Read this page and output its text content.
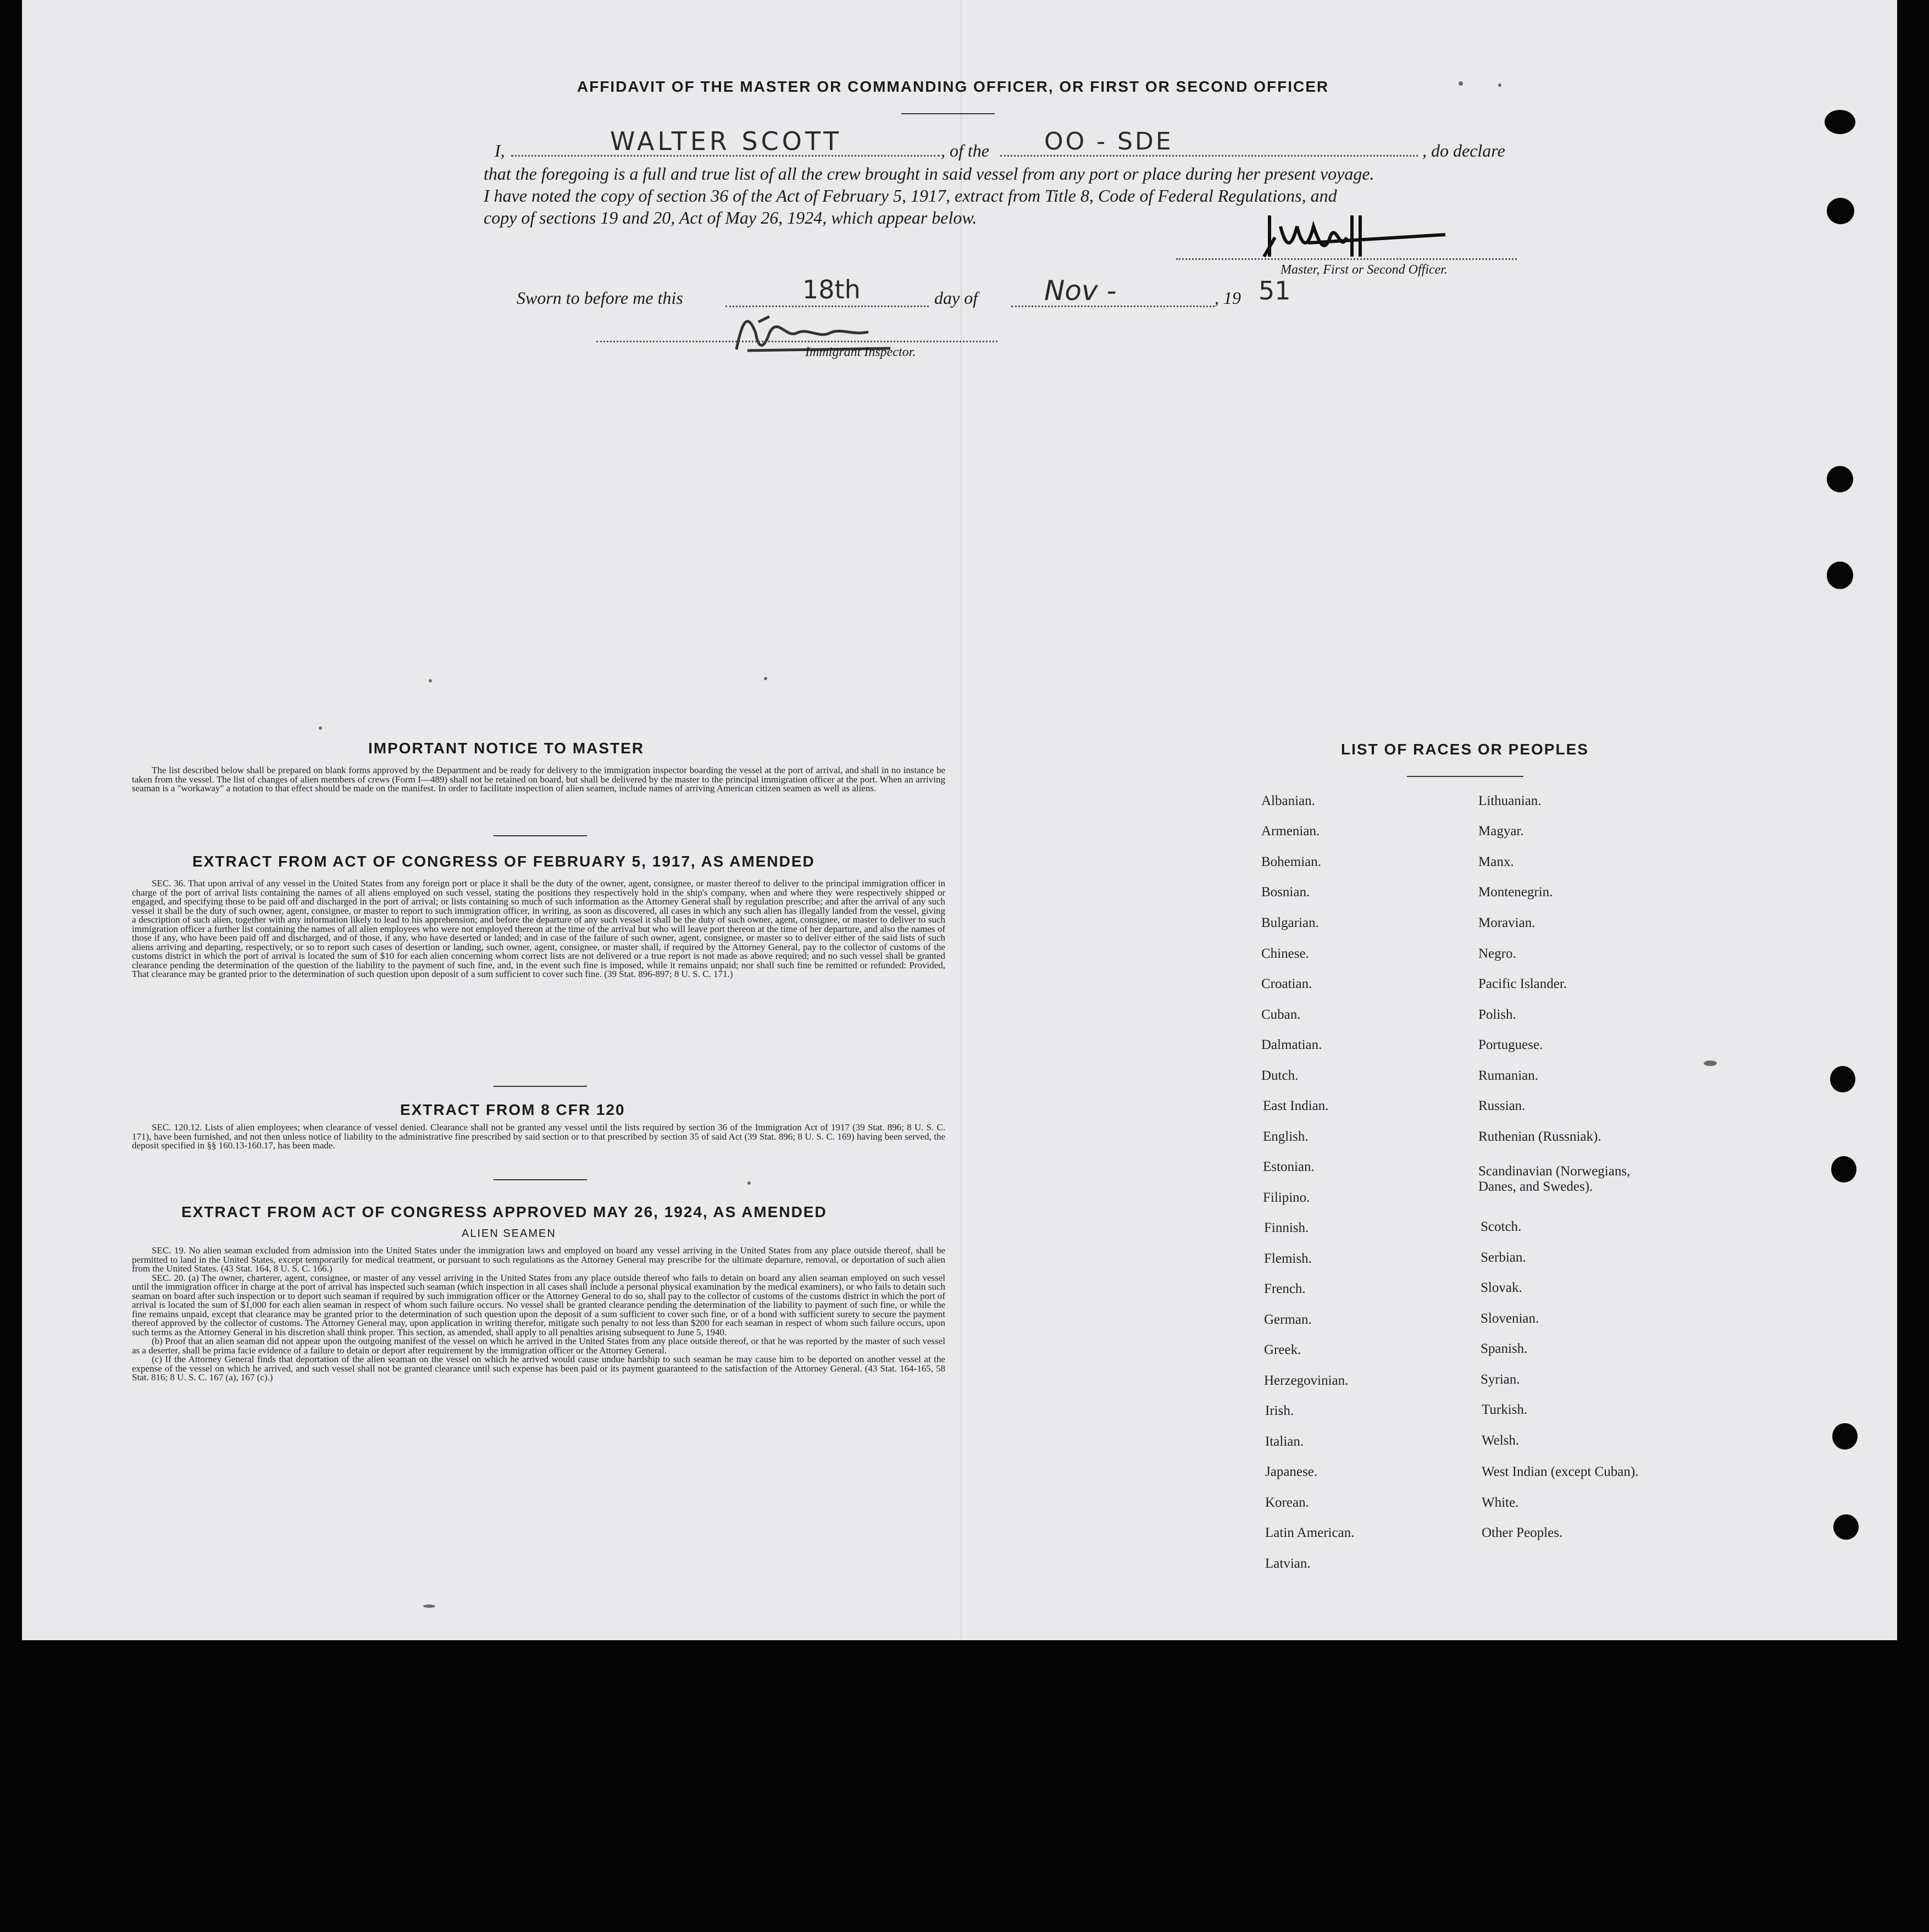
AFFIDAVIT OF THE MASTER OR COMMANDING OFFICER, OR FIRST OR SECOND OFFICER
I,	WALTER SCOTT	, of the OO - SDE	, do declare
that the foregoing is a full and true list of all the crew brought in said vessel from any port or place during her present voyage.
I have noted the copy of section 36 of the Act of February 5, 1917, extract from Title 8, Code of Federal Regulations, and
copy of sections 19 and 20, Act of May 26, 1924, which appear below.
Master, First or Second Officer.
Sworn to before me this	18th	day of Nov -	, 19 51
Immigrant Inspector.
IMPORTANT NOTICE TO MASTER

The list described below shall be prepared on blank forms approved by the Department and be ready for delivery to the immigration inspector boarding the vessel at the port of arrival, and shall in no instance be taken from the vessel. The list of changes of alien members of crews (Form I—489) shall not be retained on board, but shall be delivered by the master to the principal immigration officer at the port. When an arriving seaman is a "workaway" a notation to that effect should be made on the manifest. In order to facilitate inspection of alien seamen, include names of arriving American citizen seamen as well as aliens.

EXTRACT FROM ACT OF CONGRESS OF FEBRUARY 5, 1917, AS AMENDED

SEC. 36. That upon arrival of any vessel in the United States from any foreign port or place it shall be the duty of the owner, agent, consignee, or master thereof to deliver to the principal immigration officer in charge of the port of arrival lists containing the names of all aliens employed on such vessel, stating the positions they respectively hold in the ship's company, when and where they were respectively shipped or engaged, and specifying those to be paid off and discharged in the port of arrival; or lists containing so much of such information as the Attorney General shall by regulation prescribe; and after the arrival of any such vessel it shall be the duty of such owner, agent, consignee, or master to report to such immigration officer, in writing, as soon as discovered, all cases in which any such alien has illegally landed from the vessel, giving a description of such alien, together with any information likely to lead to his apprehension; and before the departure of any such vessel it shall be the duty of such owner, agent, consignee, or master to deliver to such immigration officer a further list containing the names of all alien employees who were not employed thereon at the time of the arrival but who will leave port thereon at the time of her departure, and also the names of those if any, who have been paid off and discharged, and of those, if any, who have deserted or landed; and in case of the failure of such owner, agent, consignee, or master so to deliver either of the said lists of such aliens arriving and departing, respectively, or so to report such cases of desertion or landing, such owner, agent, consignee, or master shall, if required by the Attorney General, pay to the collector of customs of the customs district in which the port of arrival is located the sum of $10 for each alien concerning whom correct lists are not delivered or a true report is not made as above required; and no such vessel shall be granted clearance pending the determination of the question of the liability to the payment of such fine, and, in the event such fine is imposed, while it remains unpaid; nor shall such fine be remitted or refunded: Provided, That clearance may be granted prior to the determination of such question upon deposit of a sum sufficient to cover such fine. (39 Stat. 896-897; 8 U. S. C. 171.)

EXTRACT FROM 8 CFR 120

SEC. 120.12. Lists of alien employees; when clearance of vessel denied. Clearance shall not be granted any vessel until the lists required by section 36 of the Immigration Act of 1917 (39 Stat. 896; 8 U. S. C. 171), have been furnished, and not then unless notice of liability to the administrative fine prescribed by said section or to that prescribed by section 35 of said Act (39 Stat. 896; 8 U. S. C. 169) having been served, the deposit specified in §§ 160.13-160.17, has been made.

EXTRACT FROM ACT OF CONGRESS APPROVED MAY 26, 1924, AS AMENDED
ALIEN SEAMEN

SEC. 19. No alien seaman excluded from admission into the United States under the immigration laws and employed on board any vessel arriving in the United States from any place outside thereof, shall be permitted to land in the United States, except temporarily for medical treatment, or pursuant to such regulations as the Attorney General may prescribe for the ultimate departure, removal, or deportation of such alien from the United States. (43 Stat. 164, 8 U. S. C. 166.)

SEC. 20. (a) The owner, charterer, agent, consignee, or master of any vessel arriving in the United States from any place outside thereof who fails to detain on board any alien seaman employed on such vessel until the immigration officer in charge at the port of arrival has inspected such seaman (which inspection in all cases shall include a personal physical examination by the medical examiners), or who fails to detain such seaman on board after such inspection or to deport such seaman if required by such immigration officer or the Attorney General to do so, shall pay to the collector of customs of the customs district in which the port of arrival is located the sum of $1,000 for each alien seaman in respect of whom such failure occurs. No vessel shall be granted clearance pending the determination of the liability to payment of such fine, or while the fine remains unpaid, except that clearance may be granted prior to the determination of such question upon the deposit of a sum sufficient to cover such fine, or of a bond with sufficient surety to secure the payment thereof approved by the collector of customs. The Attorney General may, upon application in writing therefor, mitigate such penalty to not less than $200 for each seaman in respect of whom such failure occurs, upon such terms as the Attorney General in his discretion shall think proper. This section, as amended, shall apply to all penalties arising subsequent to June 5, 1940.

(b) Proof that an alien seaman did not appear upon the outgoing manifest of the vessel on which he arrived in the United States from any place outside thereof, or that he was reported by the master of such vessel as a deserter, shall be prima facie evidence of a failure to detain or deport after requirement by the immigration officer or the Attorney General.

(c) If the Attorney General finds that deportation of the alien seaman on the vessel on which he arrived would cause undue hardship to such seaman he may cause him to be deported on another vessel at the expense of the vessel on which he arrived, and such vessel shall not be granted clearance until such expense has been paid or its payment guaranteed to the satisfaction of the Attorney General. (43 Stat. 164-165, 58 Stat. 816; 8 U. S. C. 167 (a), 167 (c).)

LIST OF RACES OR PEOPLES
Albanian.
Armenian.
Bohemian.
Bosnian.
Bulgarian.
Chinese.
Croatian.
Cuban.
Dalmatian.
Dutch.
East Indian.
English.
Estonian.
Filipino.
Finnish.
Flemish.
French.
German.
Greek.
Herzegovinian.
Irish.
Italian.
Japanese.
Korean.
Latin American.
Latvian.
Lithuanian.
Magyar.
Manx.
Montenegrin.
Moravian.
Negro.
Pacific Islander.
Polish.
Portuguese.
Rumanian.
Russian.
Ruthenian (Russniak).
Scandinavian (Norwegians, Danes, and Swedes).
Scotch.
Serbian.
Slovak.
Slovenian.
Spanish.
Syrian.
Turkish.
Welsh.
West Indian (except Cuban).
White.
Other Peoples.
